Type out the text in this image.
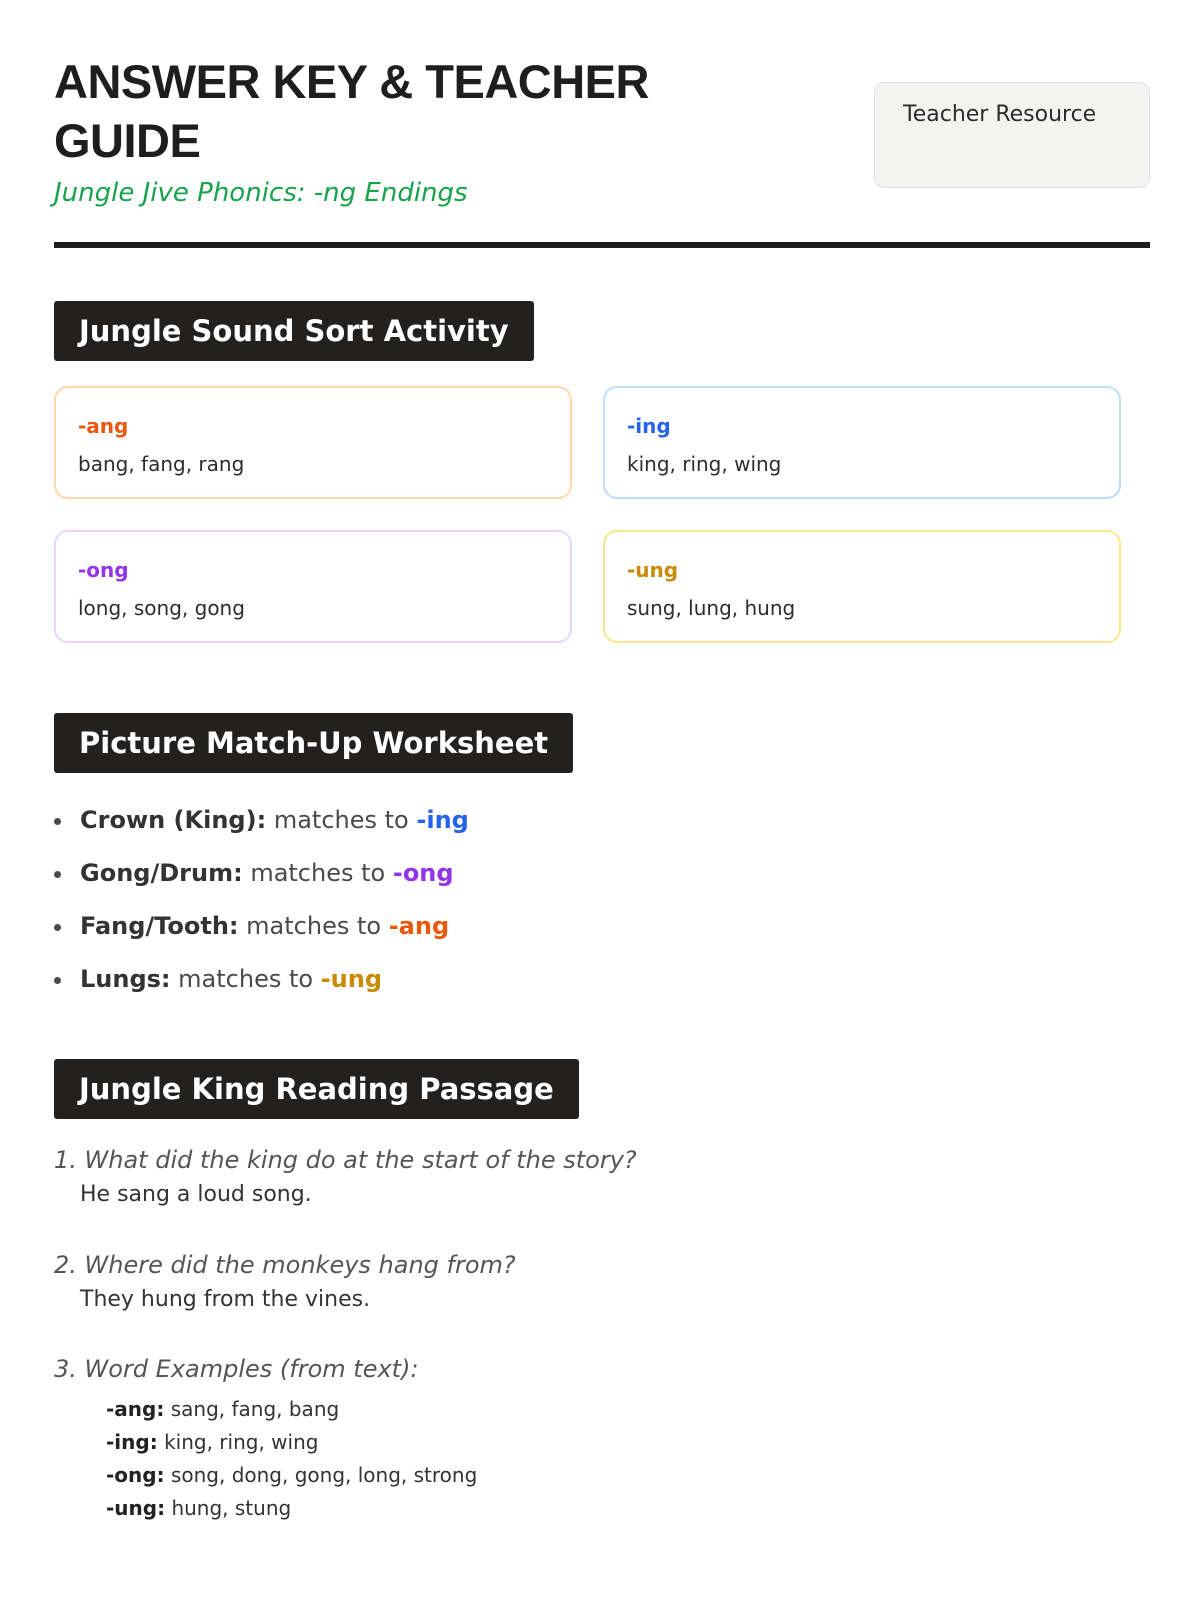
ANSWER KEY & TEACHER GUIDE
Jungle Jive Phonics: -ng Endings
Teacher Resource
Jungle Sound Sort Activity
-ang
bang, fang, rang
-ing
king, ring, wing
-ong
long, song, gong
-ung
sung, lung, hung
Picture Match-Up Worksheet
Crown (King): matches to -ing
Gong/Drum: matches to -ong
Fang/Tooth: matches to -ang
Lungs: matches to -ung
Jungle King Reading Passage
1. What did the king do at the start of the story?
He sang a loud song.
2. Where did the monkeys hang from?
They hung from the vines.
3. Word Examples (from text):
-ang: sang, fang, bang
-ing: king, ring, wing
-ong: song, dong, gong, long, strong
-ung: hung, stung
